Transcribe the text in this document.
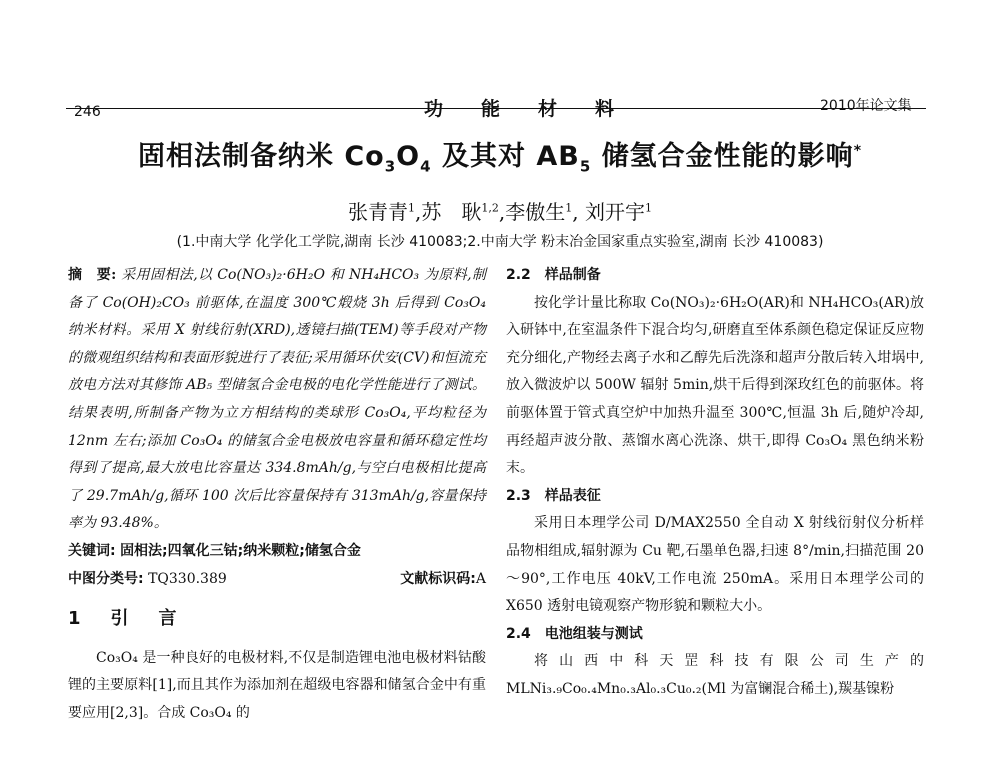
246	功能材料	2010年论文集
固相法制备纳米 $Co_3O_4$ 及其对 $AB_5$ 储氢合金性能的影响*
张青青$^1$,苏　耿$^{1,2}$,李傲生$^1$, 刘开宇$^1$
(1.中南大学 化学化工学院,湖南 长沙 410083;2.中南大学 粉末冶金国家重点实验室,湖南 长沙 410083)

摘　要: 采用固相法,以 Co(NO₃)₂·6H₂O 和 NH₄HCO₃ 为原料,制备了 Co(OH)₂CO₃ 前驱体,在温度 300℃煅烧 3h 后得到 Co₃O₄ 纳米材料。采用 X 射线衍射(XRD),透镜扫描(TEM)等手段对产物的微观组织结构和表面形貌进行了表征;采用循环伏安(CV)和恒流充放电方法对其修饰 AB₅ 型储氢合金电极的电化学性能进行了测试。结果表明,所制备产物为立方相结构的类球形 Co₃O₄,平均粒径为 12nm 左右;添加 Co₃O₄ 的储氢合金电极放电容量和循环稳定性均得到了提高,最大放电比容量达 334.8mAh/g,与空白电极相比提高了 29.7mAh/g,循环 100 次后比容量保持有 313mAh/g,容量保持率为 93.48%。

关键词: 固相法;四氧化三钴;纳米颗粒;储氢合金

中图分类号: TQ330.389	文献标识码:A

1　引　言

Co₃O₄ 是一种良好的电极材料,不仅是制造锂电池电极材料钴酸锂的主要原料[1],而且其作为添加剂在超级电容器和储氢合金中有重要应用[2,3]。合成 Co₃O₄ 的

2.2　样品制备

按化学计量比称取 Co(NO₃)₂·6H₂O(AR)和 NH₄HCO₃(AR)放入研钵中,在室温条件下混合均匀,研磨直至体系颜色稳定保证反应物充分细化,产物经去离子水和乙醇先后洗涤和超声分散后转入坩埚中,放入微波炉以 500W 辐射 5min,烘干后得到深玫红色的前驱体。将前驱体置于管式真空炉中加热升温至 300℃,恒温 3h 后,随炉冷却,再经超声波分散、蒸馏水离心洗涤、烘干,即得 Co₃O₄ 黑色纳米粉末。

2.3　样品表征

采用日本理学公司 D/MAX2550 全自动 X 射线衍射仪分析样品物相组成,辐射源为 Cu 靶,石墨单色器,扫速 8°/min,扫描范围 20～90°,工作电压 40kV,工作电流 250mA。采用日本理学公司的 X650 透射电镜观察产物形貌和颗粒大小。

2.4　电池组装与测试

将山西中科天罡科技有限公司生产的 MLNi₃.₉Co₀.₄Mn₀.₃Al₀.₃Cu₀.₂(Ml 为富镧混合稀土),羰基镍粉
